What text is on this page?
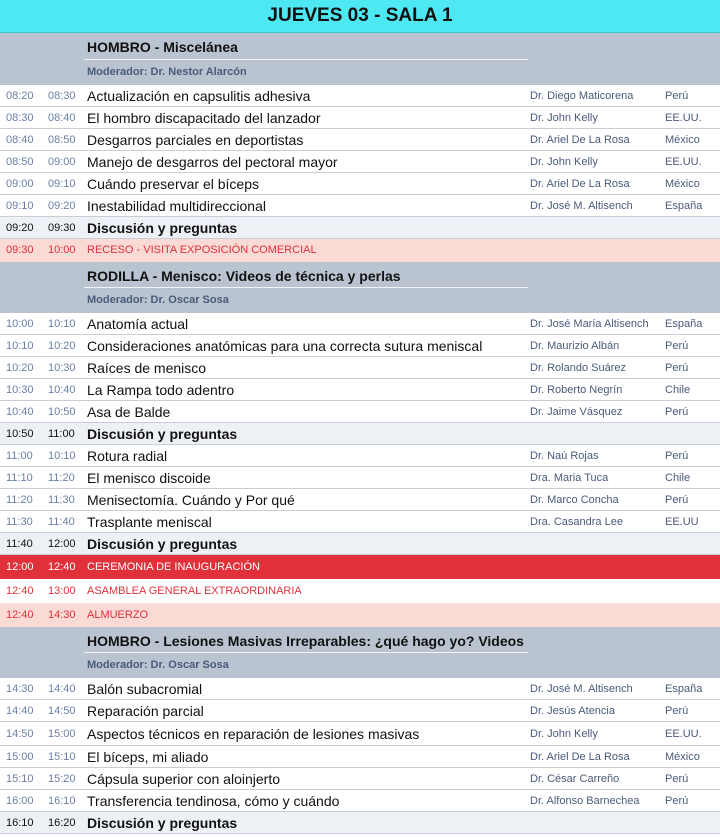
JUEVES 03 - SALA 1
HOMBRO - Miscelánea
Moderador: Dr. Nestor Alarcón
RODILLA - Menisco: Videos de técnica y perlas
Moderador: Dr. Oscar Sosa
HOMBRO - Lesiones Masivas Irreparables: ¿qué hago yo? Videos
Moderador: Dr. Oscar Sosa
08:20 08:30 Actualización en capsulitis adhesiva	Dr. Diego Maticorena	Perú
08:30 08:40 El hombro discapacitado del lanzador	Dr. John Kelly	EE.UU.
08:40 08:50 Desgarros parciales en deportistas	Dr. Ariel De La Rosa	México
08:50 09:00 Manejo de desgarros del pectoral mayor	Dr. John Kelly	EE.UU.
09:00 09:10 Cuándo preservar el bíceps	Dr. Ariel De La Rosa	México
09:10 09:20 Inestabilidad multidireccional	Dr. José M. Altisench	España
09:20 09:30 Discusión y preguntas
09:30 10:00 RECESO - VISITA EXPOSICIÓN COMERCIAL
10:00 10:10 Anatomía actual	Dr. José María Altisench España
10:10 10:20 Consideraciones anatómicas para una correcta sutura meniscal	Dr. Maurizio Albán	Perú
10:20 10:30 Raíces de menisco	Dr. Rolando Suárez	Perú
10:30 10:40 La Rampa todo adentro	Dr. Roberto Negrín	Chile
10:40 10:50 Asa de Balde	Dr. Jaime Vásquez	Perú
10:50 11:00 Discusión y preguntas
11:00 10:10 Rotura radial	Dr. Naú Rojas	Perú
11:10 11:20 El menisco discoide	Dra. Maria Tuca	Chile
11:20 11:30 Menisectomía. Cuándo y Por qué	Dr. Marco Concha	Perú
11:30 11:40 Trasplante meniscal	Dra. Casandra Lee	EE.UU
11:40 12:00 Discusión y preguntas
12:00 12:40 CEREMONIA DE INAUGURACIÓN
12:40 13:00 ASAMBLEA GENERAL EXTRAORDINARIA
12:40 14:30 ALMUERZO
14:30 14:40 Balón subacromial	Dr. José M. Altisench	España
14:40 14:50 Reparación parcial	Dr. Jesús Atencia	Perú
14:50 15:00 Aspectos técnicos en reparación de lesiones masivas	Dr. John Kelly	EE.UU.
15:00 15:10 El bíceps, mi aliado	Dr. Ariel De La Rosa	México
15:10 15:20 Cápsula superior con aloinjerto	Dr. César Carreño	Perú
16:00 16:10 Transferencia tendinosa, cómo y cuándo	Dr. Alfonso Barnechea Perú
16:10 16:20 Discusión y preguntas
